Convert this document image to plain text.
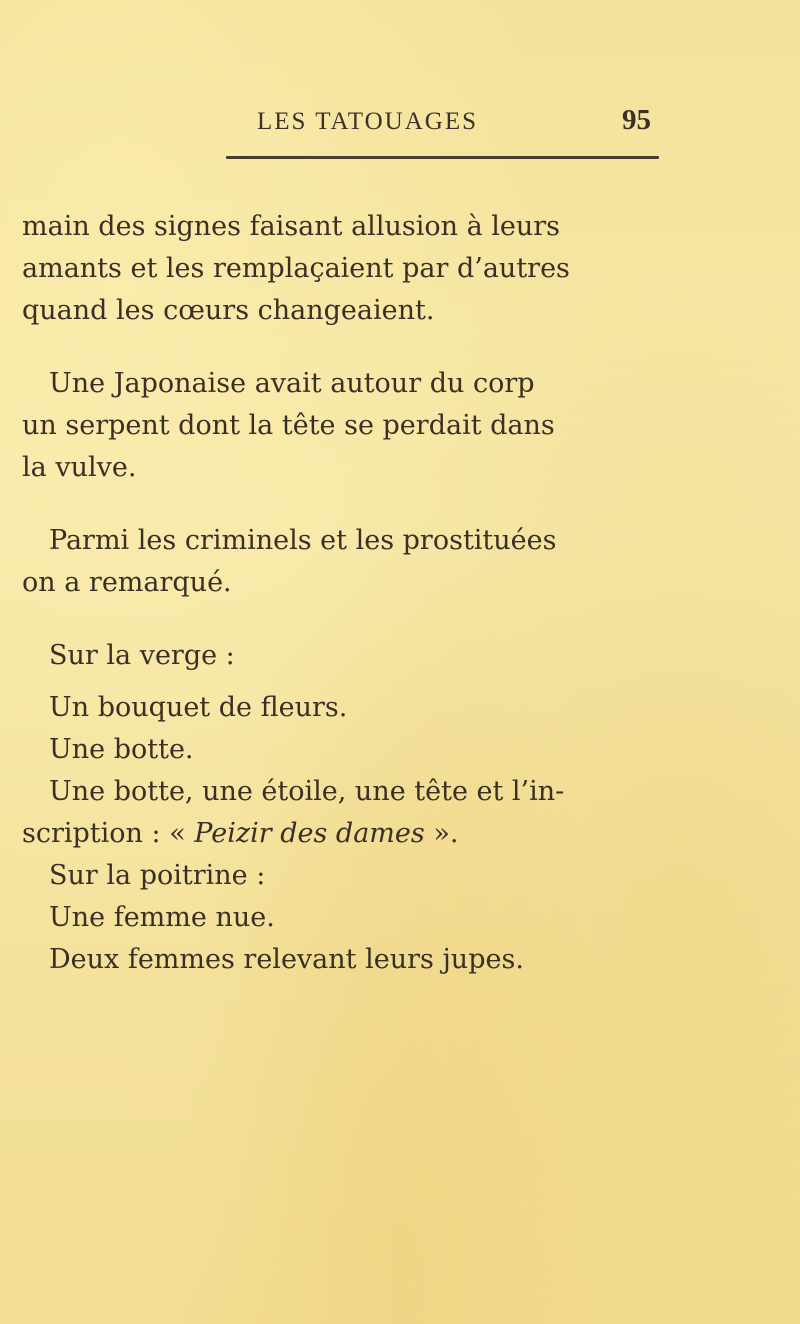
LES TATOUAGES	95
main des signes faisant allusion à leurs
amants et les remplaçaient par d’autres
quand les cœurs changeaient.
Une Japonaise avait autour du corp
un serpent dont la tête se perdait dans
la vulve.
Parmi les criminels et les prostituées
on a remarqué.
Sur la verge :
Un bouquet de fleurs.
Une botte.
Une botte, une étoile, une tête et l’in-
scription : « Peizir des dames ».
Sur la poitrine :
Une femme nue.
Deux femmes relevant leurs jupes.
